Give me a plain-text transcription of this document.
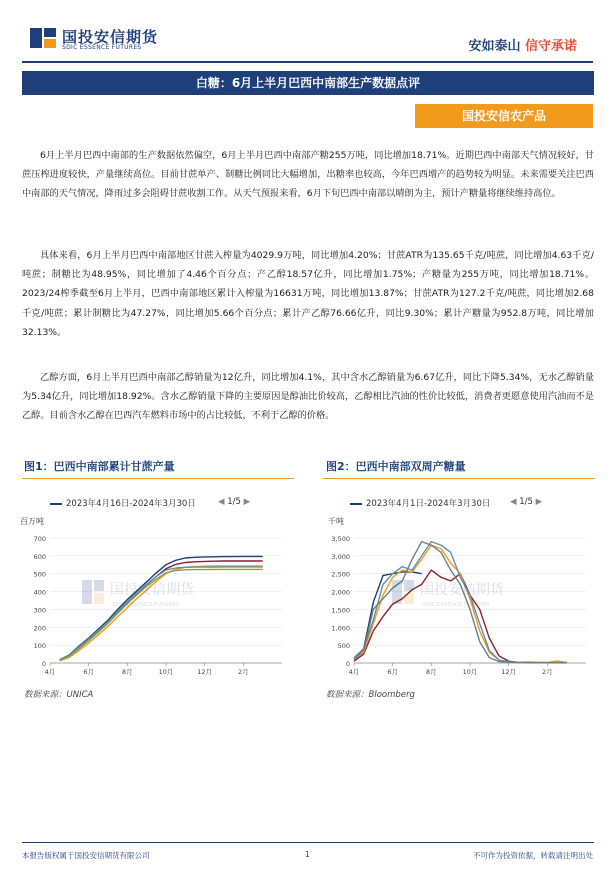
国投安信期货
SDIC ESSENCE FUTURES	安如泰山 信守承诺
白糖：6月上半月巴西中南部生产数据点评
国投安信农产品
6月上半月巴西中南部的生产数据依然偏空，6月上半月巴西中南部产糖255万吨，同比增加18.71%。近期巴西中南部天气情况较好，甘蔗压榨进度较快，产量继续高位。目前甘蔗单产、制糖比例同比大幅增加，出糖率也较高，今年巴西增产的趋势较为明显。未来需要关注巴西中南部的天气情况，降雨过多会阻碍甘蔗收割工作。从天气预报来看，6月下旬巴西中南部以晴朗为主，预计产糖量将继续维持高位。
具体来看，6月上半月巴西中南部地区甘蔗入榨量为4029.9万吨，同比增加4.20%；甘蔗ATR为135.65千克/吨蔗，同比增加4.63千克/吨蔗；制糖比为48.95%，同比增加了4.46个百分点；产乙醇18.57亿升，同比增加1.75%；产糖量为255万吨，同比增加18.71%。2023/24榨季截至6月上半月，巴西中南部地区累计入榨量为16631万吨，同比增加13.87%；甘蔗ATR为127.2千克/吨蔗，同比增加2.68 千克/吨蔗；累计制糖比为47.27%，同比增加5.66个百分点；累计产乙醇76.66亿升，同比9.30%；累计产糖量为952.8万吨，同比增加32.13%。
乙醇方面，6月上半月巴西中南部乙醇销量为12亿升，同比增加4.1%，其中含水乙醇销量为6.67亿升，同比下降5.34%，无水乙醇销量为5.34亿升，同比增加18.92%。含水乙醇销量下降的主要原因是醇油比价较高，乙醇相比汽油的性价比较低，消费者更愿意使用汽油而不是乙醇。目前含水乙醇在巴西汽车燃料市场中的占比较低，不利于乙醇的价格。
图1：巴西中南部累计甘蔗产量
2023年4月16日-2024年3月30日	◀ 1/5 ▶
百万吨
0
100
200
300
400
500
600
700
4月	6月	8月	10月	12月	2月
国投安信期货
SDIC ESSENCE FUTURES
数据来源：UNICA
图2：巴西中南部双周产糖量
2023年4月1日-2024年3月30日 ◀ 1/5 ▶
千吨
0
500
1,000
1,500
2,000
2,500
3,000
3,500
4月	6月	8月	10月	12月	2月
国投安信期货
SDIC ESSENCE FUTURES
数据来源：Bloomberg
本报告版权属于国投安信期货有限公司	1	不可作为投资依据，转载请注明出处
